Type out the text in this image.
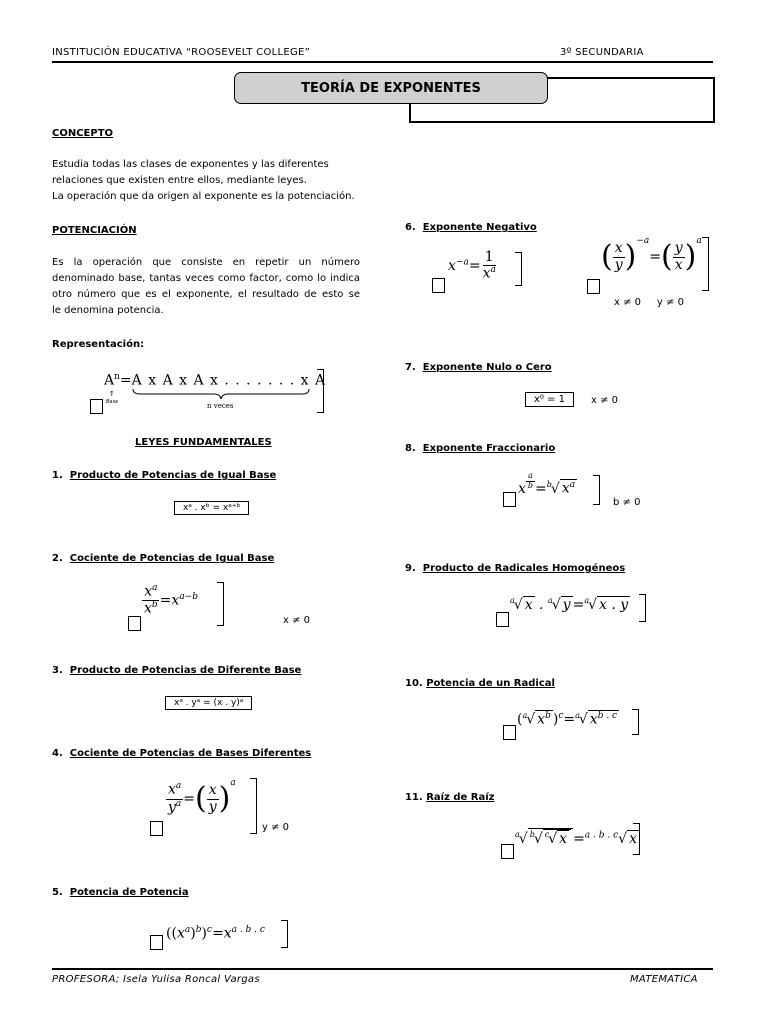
INSTITUCIÓN EDUCATIVA “ROOSEVELT COLLEGE”	3º SECUNDARIA
TEORÍA DE EXPONENTES
CONCEPTO
Estudia todas las clases de exponentes y las diferentes
relaciones que existen entre ellos, mediante leyes.
La operación que da origen al exponente es la potenciación.
POTENCIACIÓN
Es la operación que consiste en repetir un número
denominado base, tantas veces como factor, como lo indica
otro número que es el exponente, el resultado de esto se
le denomina potencia.
Representación:
$A^n=A$ x A x A x . . . . . . . x A
↑
Base	n veces
LEYES FUNDAMENTALES
1. Producto de Potencias de Igual Base
xᵃ . xᵇ = xᵃ⁺ᵇ
2. Cociente de Potencias de Igual Base
$\frac{x^a}{x^b} =x^{a-b}$
x ≠ 0
3. Producto de Potencias de Diferente Base
xᵃ . yᵃ = (x . y)ᵃ
4. Cociente de Potencias de Bases Diferentes
$\frac{x^a}{y^a}$ =( $\frac{x}{y} )^a$
y ≠ 0
5. Potencia de Potencia
$((x^a)^b)^c=x^{a . b . c}$
6. Exponente Negativo
$x^{-a}= \frac{1}{x^a}$	( $\frac{x}{y} )^{-a}=( \frac{y}{x} )^a$
x ≠ 0     y ≠ 0
7. Exponente Nulo o Cero
x⁰ = 1	x ≠ 0
8. Exponente Fraccionario
x $^{\frac{a}{b}}$ =$^b$√ $x^a$
b ≠ 0
9. Producto de Radicales Homogéneos
$^a$√ x . $^a$√ y =$^a$√ x . y
10. Potencia de un Radical
($^a$√ $x^b$ )$^c$=$^a$√ $x^{b . c}$
11. Raíz de Raíz
$^a$√ $^b$√ $^c$√ x =$^{a . b . c}$√ x
PROFESORA; Isela Yulisa Roncal Vargas	MATEMATICA
